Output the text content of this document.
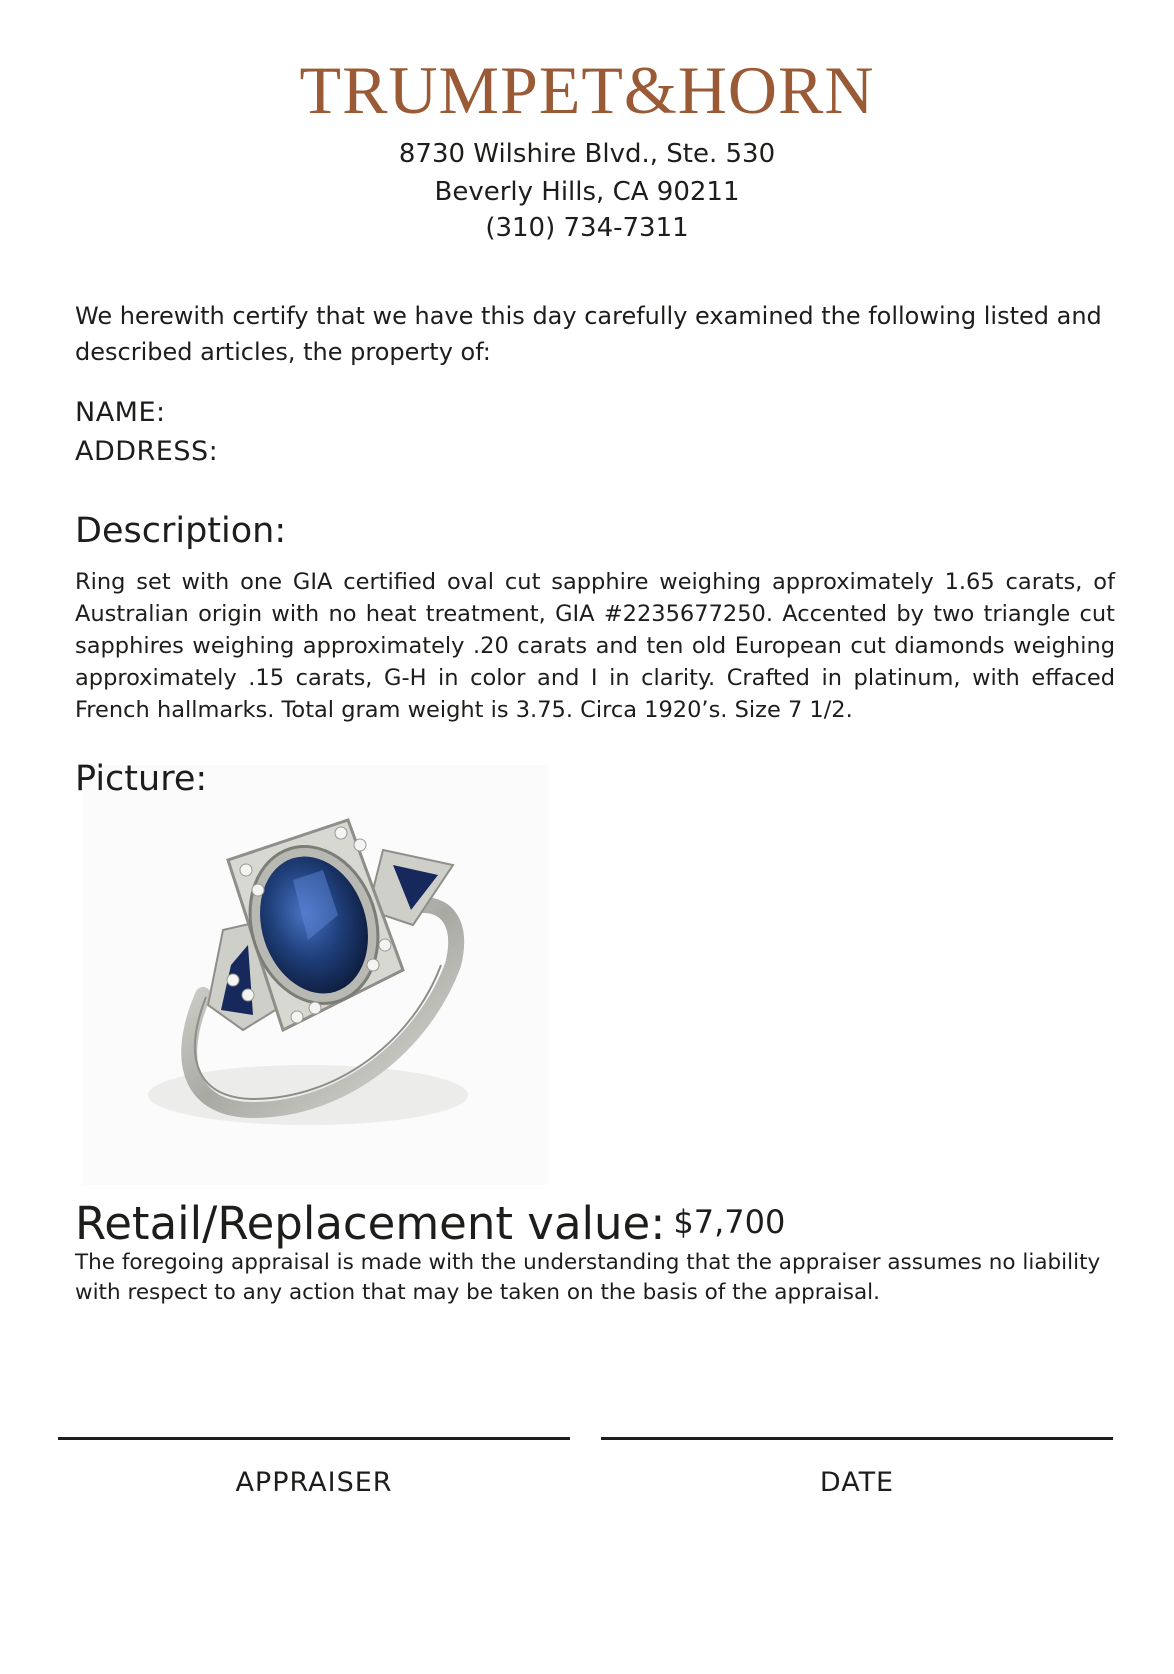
TRUMPET&HORN
8730 Wilshire Blvd., Ste. 530
Beverly Hills, CA 90211
(310) 734-7311
We herewith certify that we have this day carefully examined the following listed and described articles, the property of:
NAME:
ADDRESS:
Description:
Ring set with one GIA certified oval cut sapphire weighing approximately 1.65 carats, of Australian origin with no heat treatment, GIA #2235677250. Accented by two triangle cut sapphires weighing approximately .20 carats and ten old European cut diamonds weighing approximately .15 carats, G-H in color and I in clarity. Crafted in platinum, with effaced French hallmarks. Total gram weight is 3.75. Circa 1920’s. Size 7 1/2.
Picture:
Retail/Replacement value: $7,700
The foregoing appraisal is made with the understanding that the appraiser assumes no liability with respect to any action that may be taken on the basis of the appraisal.
APPRAISER	DATE
